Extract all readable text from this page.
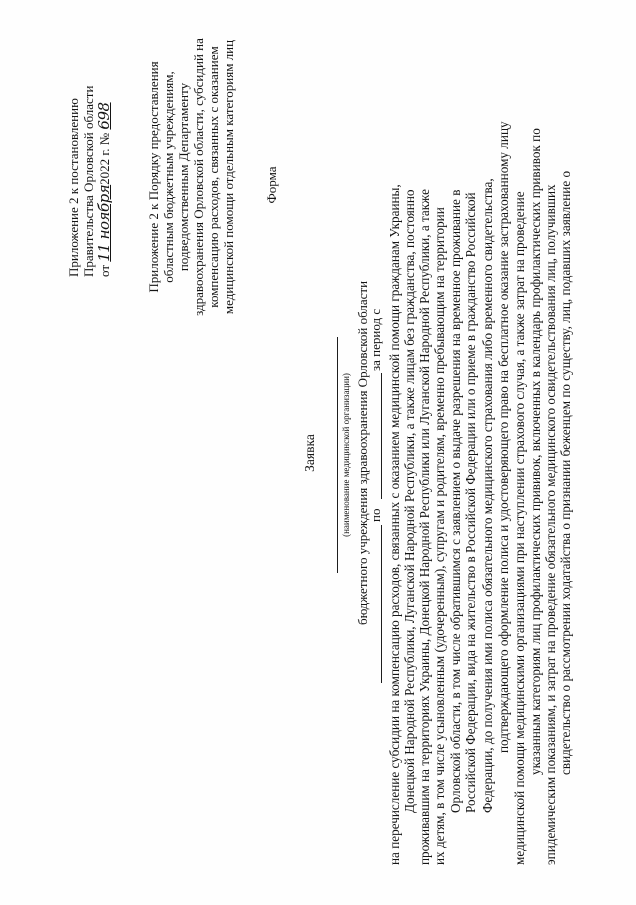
Приложение 2 к постановлению Правительства Орловской области от 11 ноября2022 г. № 698	Приложение 2 к Порядку предоставления областным бюджетным учреждениям, подведомственным Департаменту здравоохранения Орловской области, субсидий на компенсацию расходов, связанных с оказанием медицинской помощи отдельным категориям лиц Форма
Заявка	(наименование медицинской организации) бюджетного учреждения здравоохранения Орловской области
за период с
по на перечисление субсидии на компенсацию расходов, связанных с оказанием медицинской помощи гражданам Украины, Донецкой Народной Республики, Луганской Народной Республики, а также лицам без гражданства, постоянно проживавшим на территориях Украины, Донецкой Народной Республики или Луганской Народной Республики, а также их детям, в том числе усыновленным (удочеренным), супругам и родителям, временно пребывающим на территории Орловской области, в том числе обратившимся с заявлением о выдаче разрешения на временное проживание в Российской Федерации, вида на жительство в Российской Федерации или о приеме в гражданство Российской Федерации, до получения ими полиса обязательного медицинского страхования либо временного свидетельства, подтверждающего оформление полиса и удостоверяющего право на бесплатное оказание застрахованному лицу медицинской помощи медицинскими организациями при наступлении страхового случая, а также затрат на проведение указанным категориям лиц профилактических прививок, включенных в календарь профилактических прививок по эпидемическим показаниям, и затрат на проведение обязательного медицинского освидетельствования лиц, получивших свидетельство о рассмотрении ходатайства о признании беженцем по существу, лиц, подавших заявление о
